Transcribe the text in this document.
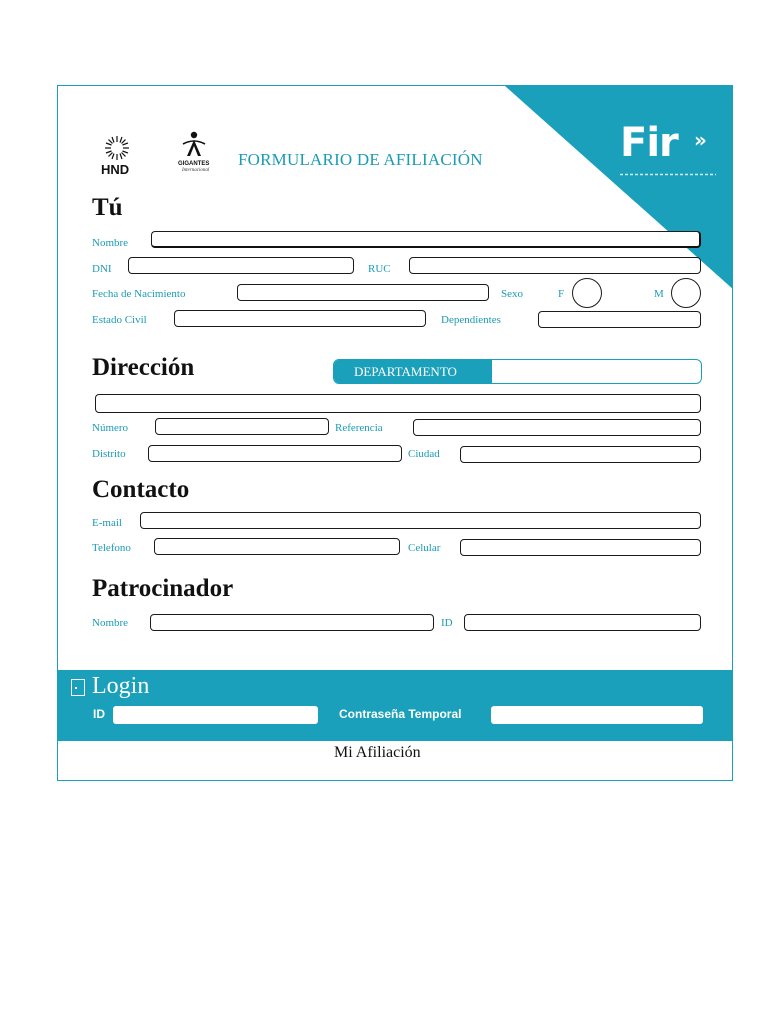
Fir »
HND	GIGANTES
Internacional
FORMULARIO DE AFILIACIÓN
Tú
Nombre
DNI	RUC
Fecha de Nacimiento	Sexo	F	M
Estado Civil	Dependientes
Dirección	DEPARTAMENTO
Número	Referencia
Distrito	Ciudad
Contacto
E-mail
Telefono	Celular
Patrocinador
Nombre	ID
Login
ID	Contraseña Temporal
Mi Afiliación
